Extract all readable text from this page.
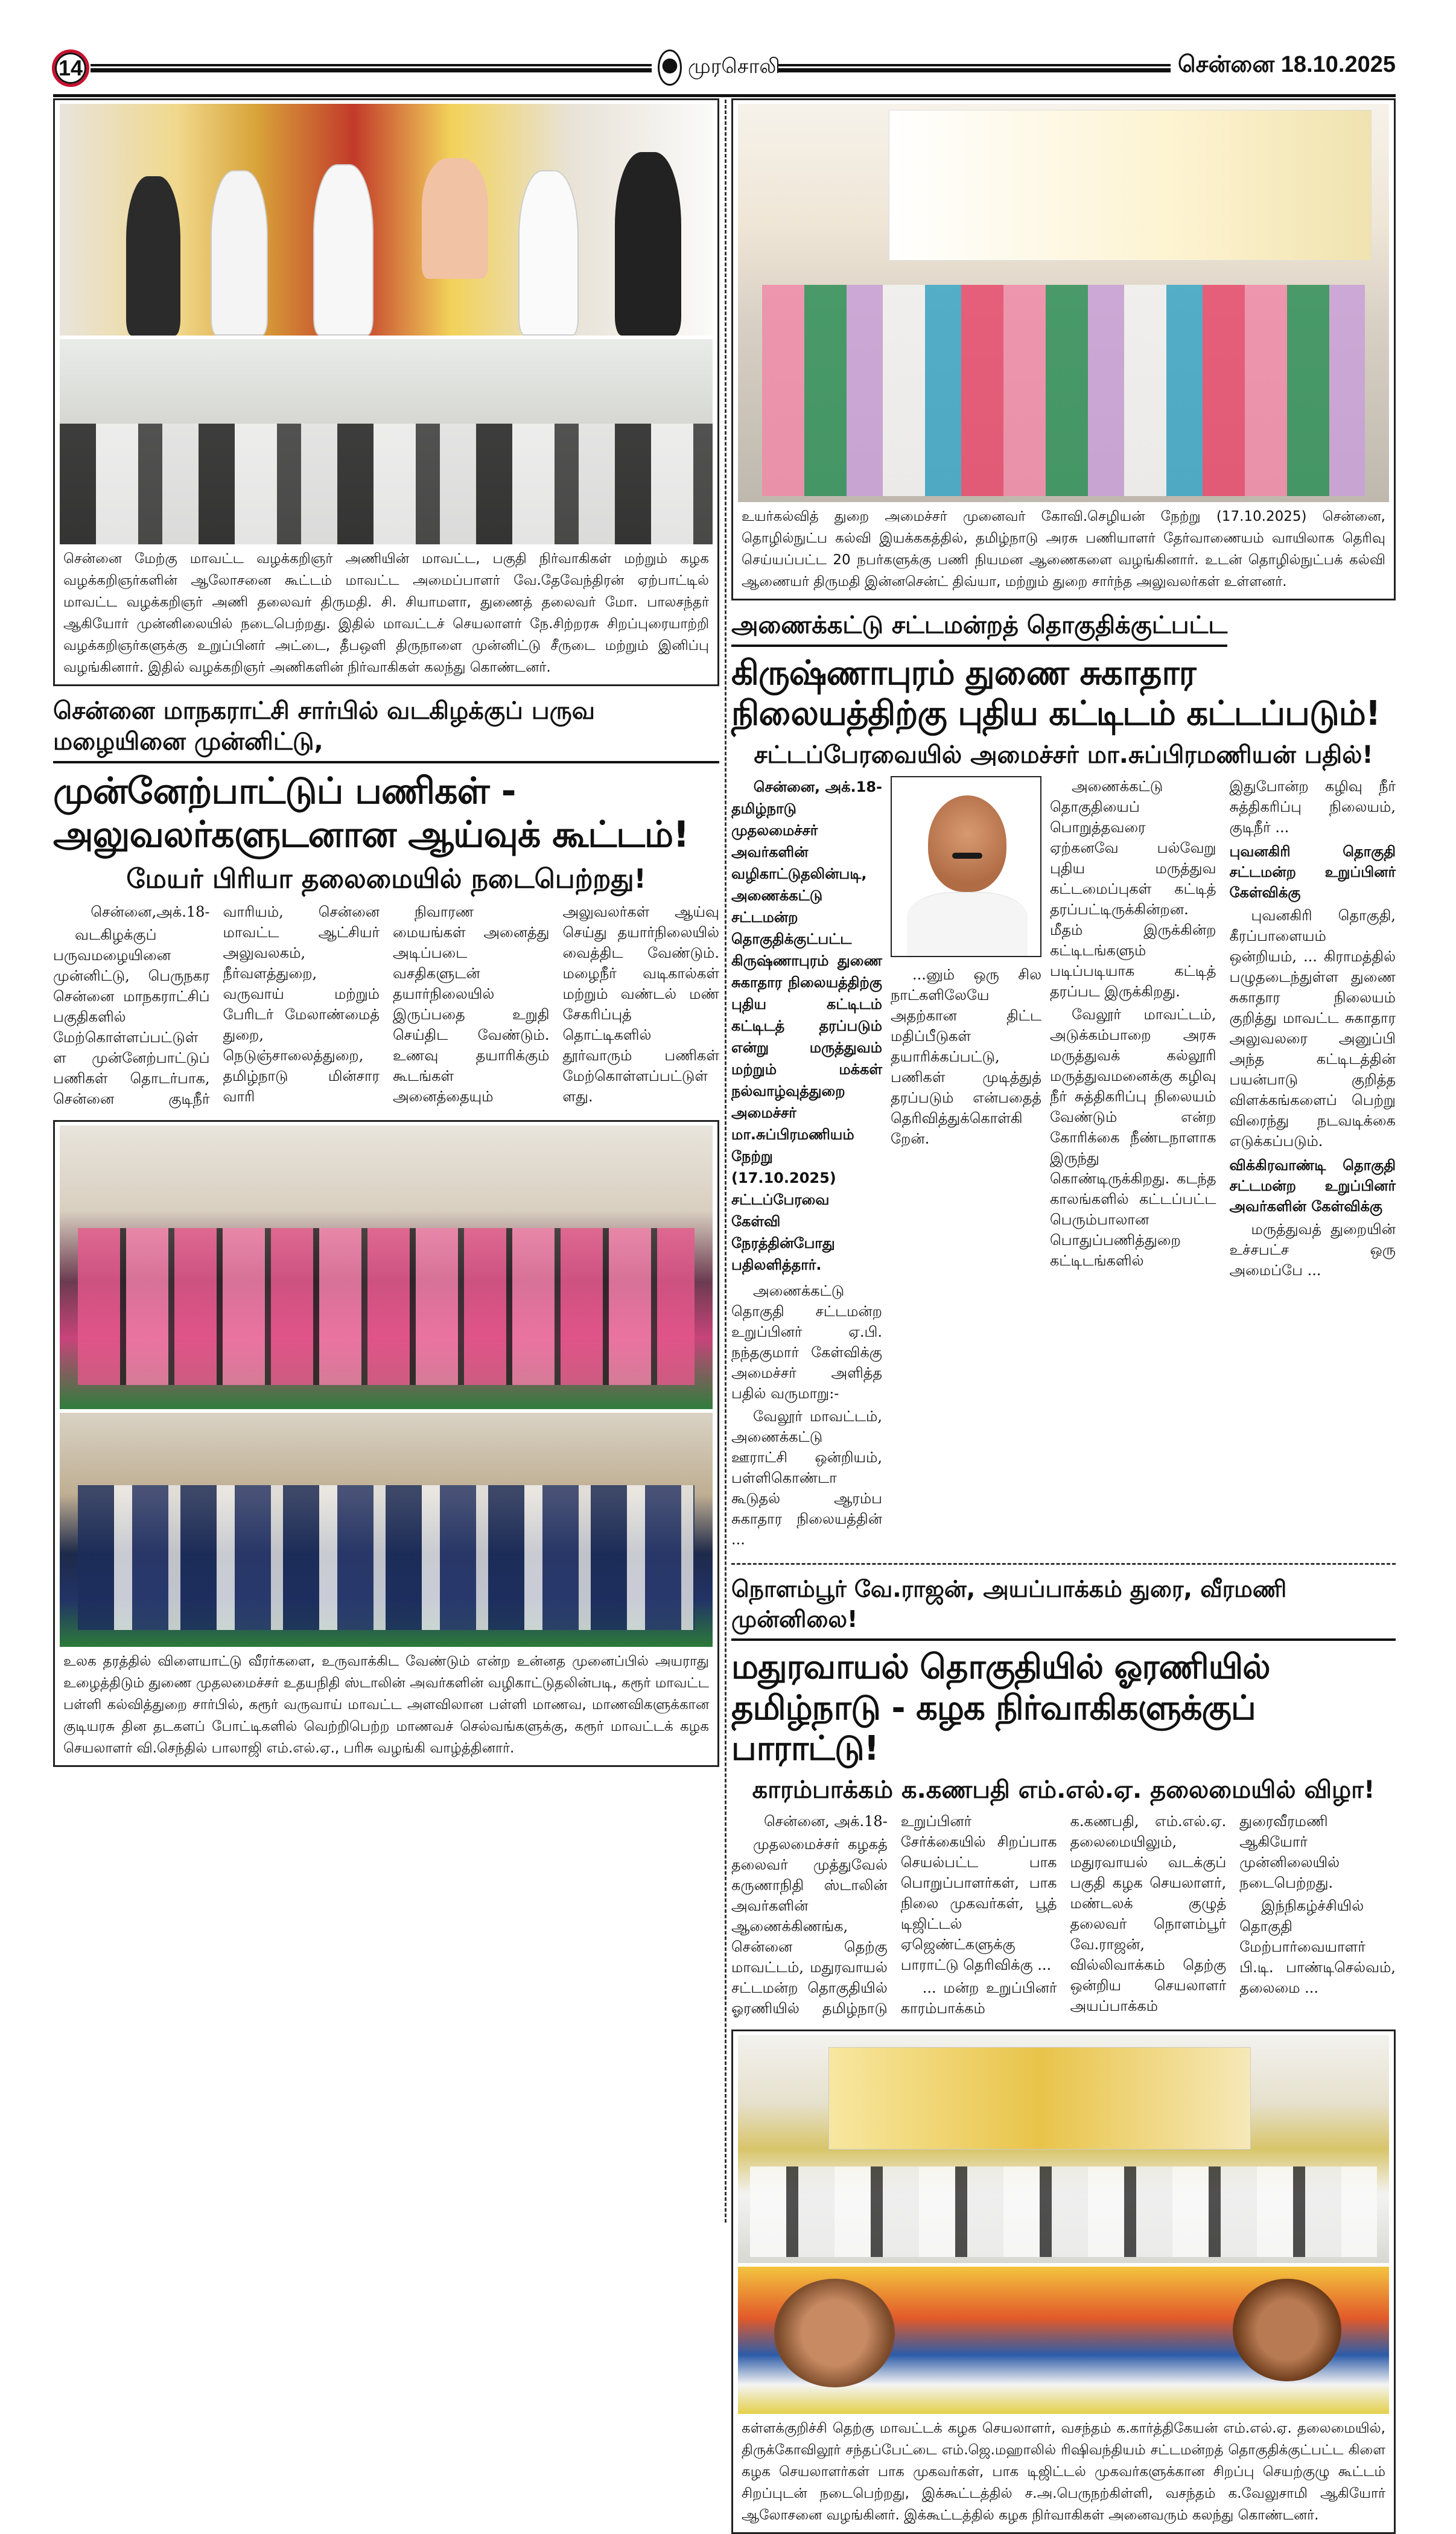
14	முரசொலி	சென்னை 18.10.2025
சென்னை மேற்கு மாவட்ட வழக்கறிஞர் அணியின் மாவட்ட, பகுதி நிர்வாகிகள் மற்றும் கழக வழக்கறிஞர்களின் ஆலோசனை கூட்டம் மாவட்ட அமைப்பாளர் வே.தேவேந்திரன் ஏற்பாட்டில் மாவட்ட வழக்கறிஞர் அணி தலைவர் திருமதி. சி. சியாமளா, துணைத் தலைவர் மோ. பாலசந்தர் ஆகியோர் முன்னிலையில் நடைபெற்றது. இதில் மாவட்டச் செயலாளர் நே.சிற்றரசு சிறப்புரையாற்றி வழக்கறிஞர்களுக்கு உறுப்பினர் அட்டை, தீபஒளி திருநாளை முன்னிட்டு சீருடை மற்றும் இனிப்பு வழங்கினார். இதில் வழக்கறிஞர் அணிகளின் நிர்வாகிகள் கலந்து கொண்டனர்.
சென்னை மாநகராட்சி சார்பில் வடகிழக்குப் பருவ மழையினை முன்னிட்டு,
முன்னேற்பாட்டுப் பணிகள் - அலுவலர்களுடனான ஆய்வுக் கூட்டம்!
மேயர் பிரியா தலைமையில் நடைபெற்றது!

சென்னை,அக்.18-

வடகிழக்குப் பருவமழையினை முன்னிட்டு, பெருநகர சென்னை மாநகராட்சிப் பகுதிகளில் மேற்கொள்ளப்பட்டுள்ள முன்னேற்பாட்டுப் பணிகள் தொடர்பாக, சென்னை குடிநீர் வாரியம், சென்னை மாவட்ட ஆட்சியர் அலுவலகம், நீர்வளத்துறை, வருவாய் மற்றும் பேரிடர் மேலாண்மைத் துறை, நெடுஞ்சாலைத்துறை, தமிழ்நாடு மின்சார வாரி

நிவாரண மையங்கள் அனைத்து அடிப்படை வசதிகளுடன் தயார்நிலையில் இருப்பதை உறுதி செய்திட வேண்டும். உணவு தயாரிக்கும் கூடங்கள் அனைத்தையும் அலுவலர்கள் ஆய்வு செய்து தயார்நிலையில் வைத்திட வேண்டும். மழைநீர் வடிகால்கள் மற்றும் வண்டல் மண் சேகரிப்புத் தொட்டிகளில் தூர்வாரும் பணிகள் மேற்கொள்ளப்பட்டுள்ளது.

உலக தரத்தில் விளையாட்டு வீரர்களை, உருவாக்கிட வேண்டும் என்ற உன்னத முனைப்பில் அயராது உழைத்திடும் துணை முதலமைச்சர் உதயநிதி ஸ்டாலின் அவர்களின் வழிகாட்டுதலின்படி, கரூர் மாவட்ட பள்ளி கல்வித்துறை சார்பில், கரூர் வருவாய் மாவட்ட அளவிலான பள்ளி மாணவ, மாணவிகளுக்கான குடியரசு தின தடகளப் போட்டிகளில் வெற்றிபெற்ற மாணவச் செல்வங்களுக்கு, கரூர் மாவட்டக் கழக செயலாளர் வி.செந்தில் பாலாஜி எம்.எல்.ஏ., பரிசு வழங்கி வாழ்த்தினார்.
உயர்கல்வித் துறை அமைச்சர் முனைவர் கோவி.செழியன் நேற்று (17.10.2025) சென்னை, தொழில்நுட்ப கல்வி இயக்ககத்தில், தமிழ்நாடு அரசு பணியாளர் தேர்வாணையம் வாயிலாக தெரிவு செய்யப்பட்ட 20 நபர்களுக்கு பணி நியமன ஆணைகளை வழங்கினார். உடன் தொழில்நுட்பக் கல்வி ஆணையர் திருமதி இன்னசென்ட் திவ்யா, மற்றும் துறை சார்ந்த அலுவலர்கள் உள்ளனர்.
அணைக்கட்டு சட்டமன்றத் தொகுதிக்குட்பட்ட
கிருஷ்ணாபுரம் துணை சுகாதார நிலையத்திற்கு புதிய கட்டிடம் கட்டப்படும்!
சட்டப்பேரவையில் அமைச்சர் மா.சுப்பிரமணியன் பதில்!
சென்னை, அக்.18-
தமிழ்நாடு முதலமைச்சர் அவர்களின் வழிகாட்டுதலின்படி, அணைக்கட்டு சட்டமன்ற தொகுதிக்குட்பட்ட கிருஷ்ணாபுரம் துணை சுகாதார நிலையத்திற்கு புதிய கட்டிடம் கட்டிடத் தரப்படும் என்று மருத்துவம் மற்றும் மக்கள் நல்வாழ்வுத்துறை அமைச்சர் மா.சுப்பிரமணியம் நேற்று (17.10.2025) சட்டப்பேரவை கேள்வி நேரத்தின்போது பதிலளித்தார்.

அணைக்கட்டு தொகுதி சட்டமன்ற உறுப்பினர் ஏ.பி. நந்தகுமார் கேள்விக்கு அமைச்சர் அளித்த பதில் வருமாறு:-

வேலூர் மாவட்டம், அணைக்கட்டு ஊராட்சி ஒன்றியம், பள்ளிகொண்டா கூடுதல் ஆரம்ப சுகாதார நிலையத்தின் ...

...னும் ஒரு சில நாட்களிலேயே அதற்கான திட்ட மதிப்பீடுகள் தயாரிக்கப்பட்டு, பணிகள் முடித்துத் தரப்படும் என்பதைத் தெரிவித்துக்கொள்கிறேன்.

அணைக்கட்டு தொகுதியைப் பொறுத்தவரை ஏற்கனவே பல்வேறு புதிய மருத்துவ கட்டமைப்புகள் கட்டித் தரப்பட்டிருக்கின்றன. மீதம் இருக்கின்ற கட்டிடங்களும் படிப்படியாக கட்டித் தரப்பட இருக்கிறது.

வேலூர் மாவட்டம், அடுக்கம்பாறை அரசு மருத்துவக் கல்லூரி மருத்துவமனைக்கு கழிவு நீர் சுத்திகரிப்பு நிலையம் வேண்டும் என்ற கோரிக்கை நீண்டநாளாக இருந்து கொண்டிருக்கிறது. கடந்த காலங்களில் கட்டப்பட்ட பெரும்பாலான பொதுப்பணித்துறை கட்டிடங்களில் இதுபோன்ற கழிவு நீர் சுத்திகரிப்பு நிலையம், குடிநீர் ...

புவனகிரி தொகுதி சட்டமன்ற உறுப்பினர் கேள்விக்கு

புவனகிரி தொகுதி, கீரப்பாளையம் ஒன்றியம், ... கிராமத்தில் பழுதடைந்துள்ள துணை சுகாதார நிலையம் குறித்து மாவட்ட சுகாதார அலுவலரை அனுப்பி அந்த கட்டிடத்தின் பயன்பாடு குறித்த விளக்கங்களைப் பெற்று விரைந்து நடவடிக்கை எடுக்கப்படும்.

விக்கிரவாண்டி தொகுதி சட்டமன்ற உறுப்பினர் அவர்களின் கேள்விக்கு

மருத்துவத் துறையின் உச்சபட்ச ஒரு அமைப்பே ...

நொளம்பூர் வே.ராஜன், அயப்பாக்கம் துரை, வீரமணி முன்னிலை!
மதுரவாயல் தொகுதியில் ஓரணியில் தமிழ்நாடு - கழக நிர்வாகிகளுக்குப் பாராட்டு!
காரம்பாக்கம் க.கணபதி எம்.எல்.ஏ. தலைமையில் விழா!

சென்னை, அக்.18-

முதலமைச்சர் கழகத் தலைவர் முத்துவேல் கருணாநிதி ஸ்டாலின் அவர்களின் ஆணைக்கிணங்க, சென்னை தெற்கு மாவட்டம், மதுரவாயல் சட்டமன்ற தொகுதியில் ஓரணியில் தமிழ்நாடு உறுப்பினர் சேர்க்கையில் சிறப்பாக செயல்பட்ட பாக பொறுப்பாளர்கள், பாக நிலை முகவர்கள், பூத் டிஜிட்டல் ஏஜெண்ட்களுக்கு பாராட்டு தெரிவிக்கு ...

... மன்ற உறுப்பினர் காரம்பாக்கம் க.கணபதி, எம்.எல்.ஏ. தலைமையிலும், மதுரவாயல் வடக்குப் பகுதி கழக செயலாளர், மண்டலக் குழுத் தலைவர் நொளம்பூர் வே.ராஜன், வில்லிவாக்கம் தெற்கு ஒன்றிய செயலாளர் அயப்பாக்கம் துரைவீரமணி ஆகியோர் முன்னிலையில் நடைபெற்றது.

இந்நிகழ்ச்சியில் தொகுதி மேற்பார்வையாளர் பி.டி. பாண்டிசெல்வம், தலைமை ...

கள்ளக்குறிச்சி தெற்கு மாவட்டக் கழக செயலாளர், வசந்தம் க.கார்த்திகேயன் எம்.எல்.ஏ. தலைமையில், திருக்கோவிலூர் சந்தப்பேட்டை எம்.ஜெ.மஹாலில் ரிஷிவந்தியம் சட்டமன்றத் தொகுதிக்குட்பட்ட கிளை கழக செயலாளர்கள் பாக முகவர்கள், பாக டிஜிட்டல் முகவர்களுக்கான சிறப்பு செயற்குழு கூட்டம் சிறப்புடன் நடைபெற்றது, இக்கூட்டத்தில் ச.அ.பெருநற்கிள்ளி, வசந்தம் க.வேலுசாமி ஆகியோர் ஆலோசனை வழங்கினர். இக்கூட்டத்தில் கழக நிர்வாகிகள் அனைவரும் கலந்து கொண்டனர்.
